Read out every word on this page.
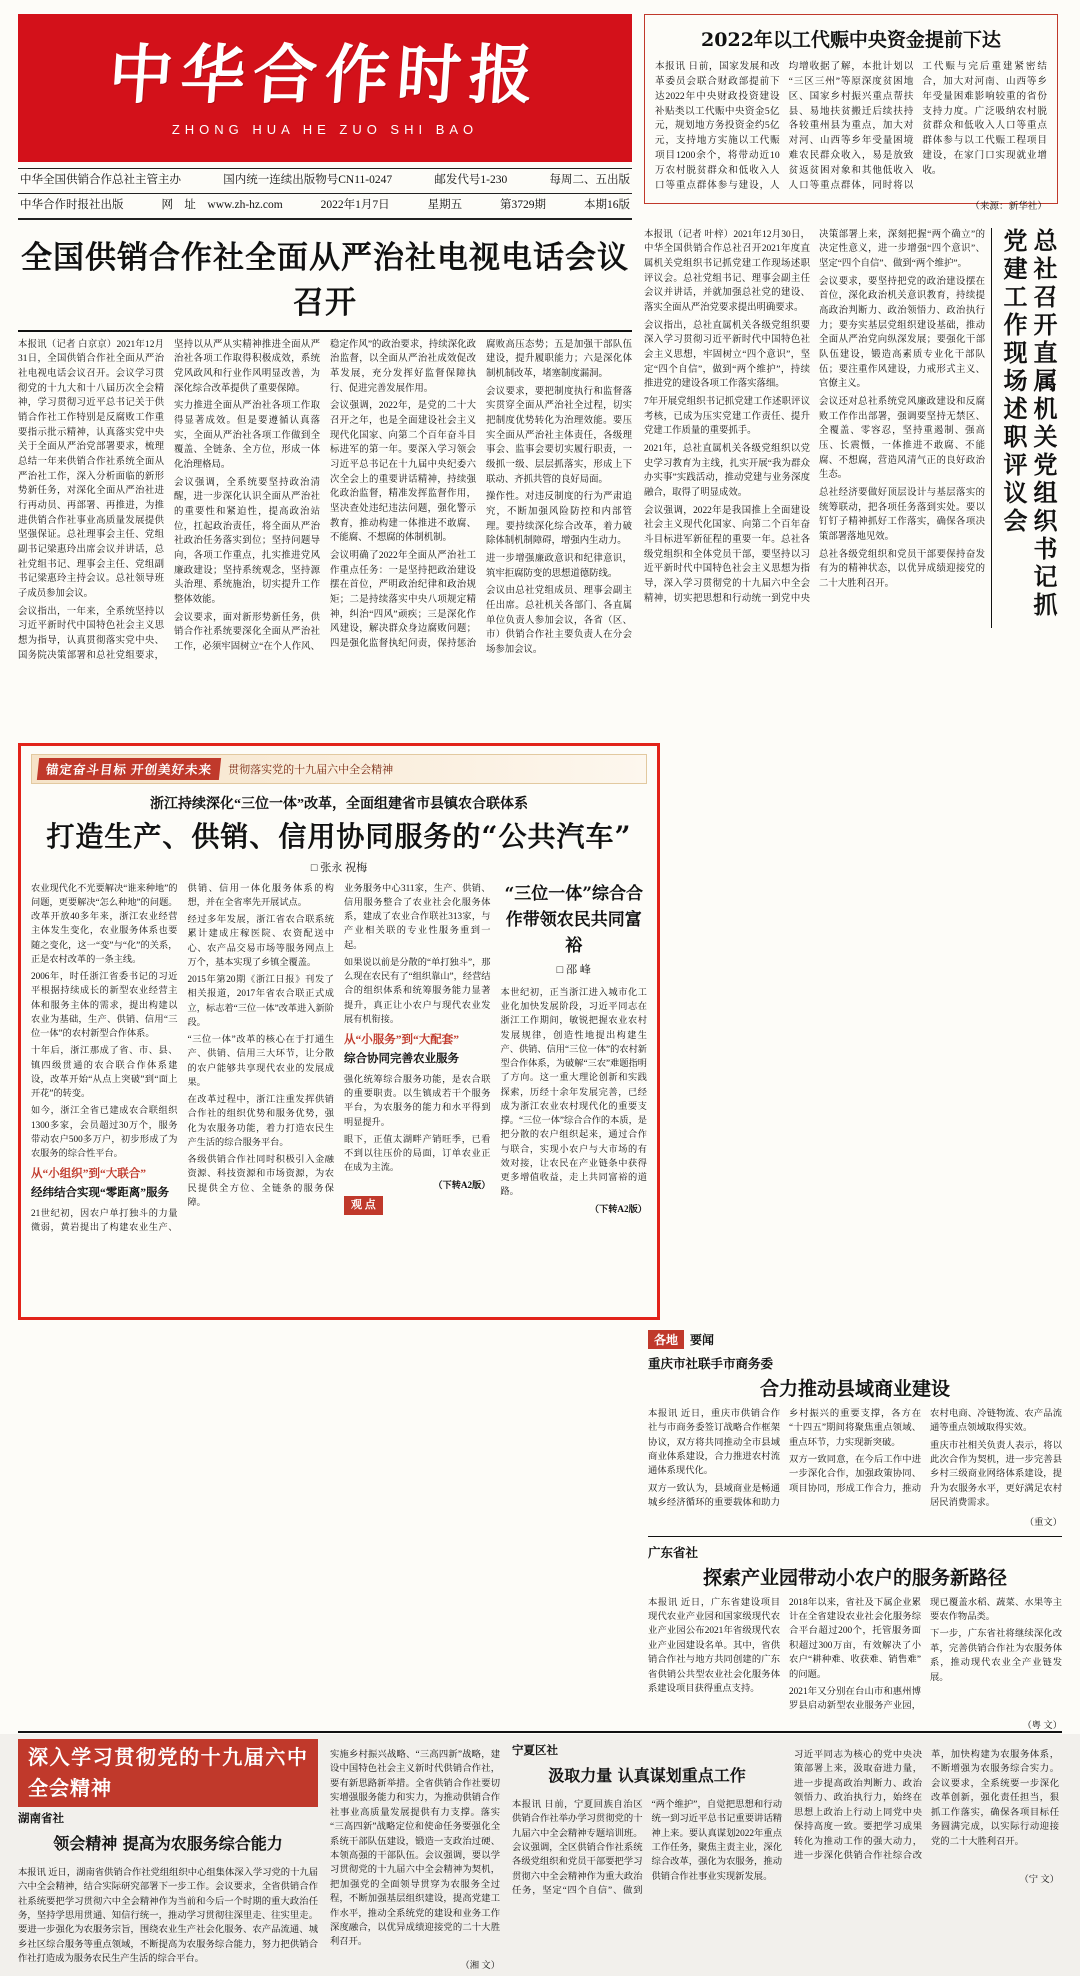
中华合作时报
ZHONG HUA HE ZUO SHI BAO
中华全国供销合作总社主管主办	国内统一连续出版物号CN11-0247	邮发代号1-230	每周二、五出版
中华合作时报社出版	网　址　www.zh-hz.com	2022年1月7日	星期五	第3729期	本期16版
2022年以工代赈中央资金提前下达
本报讯 日前，国家发展和改革委员会联合财政部提前下达2022年中央财政投资建设补贴类以工代赈中央资金5亿元，规划地方务投资金约5亿元，支持地方实施以工代赈项目1200余个，将带动近10万农村脱贫群众和低收入人口等重点群体参与建设，人均增收据了解，本批计划以“三区三州”等原深度贫困地区、国家乡村振兴重点帮扶县、易地扶贫搬迁后续扶持各较重州县为重点，加大对对河、山西等乡年受量困境难农民群众收入，易是放致贫返贫困对象和其他低收入人口等重点群体，同时将以工代赈与完后重建紧密结合，加大对河南、山西等乡年受量困难影响较重的省份支持力度。广泛吸纳农村脱贫群众和低收入人口等重点群体参与以工代赈工程项目建设，在家门口实现就业增收。
（来源：新华社）
全国供销合作社全面从严治社电视电话会议召开

本报讯（记者 白京京）2021年12月31日，全国供销合作社全面从严治社电视电话会议召开。会议学习贯彻党的十九大和十八届历次全会精神，学习贯彻习近平总书记关于供销合作社工作特别是反腐败工作重要指示批示精神，认真落实党中央关于全面从严治党部署要求，梳理总结一年来供销合作社系统全面从严治社工作，深入分析面临的新形势新任务，对深化全面从严治社进行再动员、再部署、再推进，为推进供销合作社事业高质量发展提供坚强保证。总社理事会主任、党组副书记梁惠玲出席会议并讲话，总社党组书记、理事会主任、党组副书记梁惠玲主持会议。总社领导班子成员参加会议。

会议指出，一年来，全系统坚持以习近平新时代中国特色社会主义思想为指导，认真贯彻落实党中央、国务院决策部署和总社党组要求，坚持以从严从实精神推进全面从严治社各项工作取得积极成效，系统党风政风和行业作风明显改善，为深化综合改革提供了重要保障。

实力推进全面从严治社各项工作取得显著成效。但是要遵循认真落实，全面从严治社各项工作做到全覆盖、全链条、全方位，形成一体化治理格局。

会议强调，全系统要坚持政治清醒，进一步深化认识全面从严治社的重要性和紧迫性，提高政治站位，扛起政治责任，将全面从严治社政治任务落实到位；坚持问题导向，各项工作重点，扎实推进党风廉政建设；坚持系统观念，坚持源头治理、系统施治，切实提升工作整体效能。

会议要求，面对新形势新任务，供销合作社系统要深化全面从严治社工作，必须牢固树立“在个人作风、稳定作风”的政治要求，持续深化政治监督，以全面从严治社成效促改革发展，充分发挥好监督保障执行、促进完善发展作用。

会议强调，2022年，是党的二十大召开之年，也是全面建设社会主义现代化国家、向第二个百年奋斗目标进军的第一年。要深入学习领会习近平总书记在十九届中央纪委六次全会上的重要讲话精神，持续强化政治监督，精准发挥监督作用，坚决查处违纪违法问题，强化警示教育，推动构建一体推进不敢腐、不能腐、不想腐的体制机制。

会议明确了2022年全面从严治社工作重点任务：一是坚持把政治建设摆在首位，严明政治纪律和政治规矩；二是持续落实中央八项规定精神，纠治“四风”顽疾；三是深化作风建设，解决群众身边腐败问题；四是强化监督执纪问责，保持惩治腐败高压态势；五是加强干部队伍建设，提升履职能力；六是深化体制机制改革，堵塞制度漏洞。

会议要求，要把制度执行和监督落实贯穿全面从严治社全过程，切实把制度优势转化为治理效能。要压实全面从严治社主体责任，各级理事会、监事会要切实履行职责，一级抓一级、层层抓落实，形成上下联动、齐抓共管的良好局面。

操作性。对违反制度的行为严肃追究，不断加强风险防控和内部管理。要持续深化综合改革，着力破除体制机制障碍，增强内生动力。

进一步增强廉政意识和纪律意识，筑牢拒腐防变的思想道德防线。

会议由总社党组成员、理事会副主任出席。总社机关各部门、各直属单位负责人参加会议，各省（区、市）供销合作社主要负责人在分会场参加会议。

总社召开直属机关党组织书记抓党建工作现场述职评议会

本报讯（记者 叶梓）2021年12月30日，中华全国供销合作总社召开2021年度直属机关党组织书记抓党建工作现场述职评议会。总社党组书记、理事会副主任会议并讲话，并就加强总社党的建设、落实全面从严治党要求提出明确要求。

会议指出，总社直属机关各级党组织要深入学习贯彻习近平新时代中国特色社会主义思想，牢固树立“四个意识”，坚定“四个自信”，做到“两个维护”，持续推进党的建设各项工作落实落细。

7年开展党组织书记抓党建工作述职评议考核，已成为压实党建工作责任、提升党建工作质量的重要抓手。

2021年，总社直属机关各级党组织以党史学习教育为主线，扎实开展“我为群众办实事”实践活动，推动党建与业务深度融合，取得了明显成效。

会议强调，2022年是我国推上全面建设社会主义现代化国家、向第二个百年奋斗目标进军新征程的重要一年。总社各级党组织和全体党员干部，要坚持以习近平新时代中国特色社会主义思想为指导，深入学习贯彻党的十九届六中全会精神，切实把思想和行动统一到党中央决策部署上来，深刻把握“两个确立”的决定性意义，进一步增强“四个意识”、坚定“四个自信”、做到“两个维护”。

会议要求，要坚持把党的政治建设摆在首位，深化政治机关意识教育，持续提高政治判断力、政治领悟力、政治执行力；要夯实基层党组织建设基础，推动全面从严治党向纵深发展；要强化干部队伍建设，锻造高素质专业化干部队伍；要注重作风建设，力戒形式主义、官僚主义。

会议还对总社系统党风廉政建设和反腐败工作作出部署，强调要坚持无禁区、全覆盖、零容忍，坚持重遏制、强高压、长震慑，一体推进不敢腐、不能腐、不想腐，营造风清气正的良好政治生态。

总社经济要做好顶层设计与基层落实的统筹联动，把各项任务落到实处。要以钉钉子精神抓好工作落实，确保各项决策部署落地见效。

总社各级党组织和党员干部要保持奋发有为的精神状态，以优异成绩迎接党的二十大胜利召开。

锚定奋斗目标 开创美好未来	贯彻落实党的十九届六中全会精神
浙江持续深化“三位一体”改革，全面组建省市县镇农合联体系
打造生产、供销、信用协同服务的“公共汽车”
□ 张永 祝梅

农业现代化不光要解决“谁来种地”的问题，更要解决“怎么种地”的问题。改革开放40多年来，浙江农业经营主体发生变化，农业服务体系也要随之变化，这一“变”与“化”的关系，正是农村改革的一条主线。

2006年，时任浙江省委书记的习近平根据持续成长的新型农业经营主体和服务主体的需求，提出构建以农业为基础，生产、供销、信用“三位一体”的农村新型合作体系。

十年后，浙江那成了省、市、县、镇四级贯通的农合联合作体系建设，改革开始“从点上突破”到“面上开花”的转变。

如今，浙江全省已建成农合联组织1300多家，会员超过30万个，服务带动农户500多万户，初步形成了为农服务的综合性平台。

从“小组织”到“大联合”
经纬结合实现“零距离”服务

21世纪初，因农户单打独斗的力量微弱，黄岩提出了构建农业生产、供销、信用一体化服务体系的构想，并在全省率先开展试点。

经过多年发展，浙江省农合联系统累计建成庄稼医院、农资配送中心、农产品交易市场等服务网点上万个，基本实现了乡镇全覆盖。

2015年第20期《浙江日报》刊发了相关报道，2017年省农合联正式成立，标志着“三位一体”改革进入新阶段。

“三位一体”改革的核心在于打通生产、供销、信用三大环节，让分散的农户能够共享现代农业的发展成果。

在改革过程中，浙江注重发挥供销合作社的组织优势和服务优势，强化为农服务功能，着力打造农民生产生活的综合服务平台。

各级供销合作社同时积极引入金融资源、科技资源和市场资源，为农民提供全方位、全链条的服务保障。

业务服务中心311家，生产、供销、信用服务整合了农业社会化服务体系，建成了农业合作联社313家，与产业相关联的专业性服务重到一起。

如果说以前是分散的“单打独斗”，那么现在农民有了“组织靠山”，经营结合的组织体系和统筹服务能力显著提升，真正让小农户与现代农业发展有机衔接。

从“小服务”到“大配套”
综合协同完善农业服务

强化统筹综合服务功能，是农合联的重要职责。以生镇成若干个服务平台，为农服务的能力和水平得到明显提升。

眼下，正值太湖畔产销旺季，已看不到以往压价的局面，订单农业正在成为主流。

（下转A2版）
观 点
“三位一体”综合合作带领农民共同富裕
□ 邵 峰

本世纪初，正当浙江进入城市化工业化加快发展阶段，习近平同志在浙江工作期间，敏锐把握农业农村发展规律，创造性地提出构建生产、供销、信用“三位一体”的农村新型合作体系，为破解“三农”难题指明了方向。这一重大理论创新和实践探索，历经十余年发展完善，已经成为浙江农业农村现代化的重要支撑。“三位一体”综合合作的本质，是把分散的农户组织起来，通过合作与联合，实现小农户与大市场的有效对接，让农民在产业链条中获得更多增值收益，走上共同富裕的道路。

（下转A2版）
各地	要闻
重庆市社联手市商务委
合力推动县域商业建设

本报讯 近日，重庆市供销合作社与市商务委签订战略合作框架协议，双方将共同推动全市县域商业体系建设，合力推进农村流通体系现代化。

双方一致认为，县域商业是畅通城乡经济循环的重要载体和助力乡村振兴的重要支撑，各方在“十四五”期间将聚焦重点领域、重点环节，力实现新突破。

双方一致同意，在今后工作中进一步深化合作，加强政策协同、项目协同，形成工作合力，推动农村电商、冷链物流、农产品流通等重点领域取得实效。

重庆市社相关负责人表示，将以此次合作为契机，进一步完善县乡村三级商业网络体系建设，提升为农服务水平，更好满足农村居民消费需求。

（重文）
广东省社
探索产业园带动小农户的服务新路径

本报讯 近日，广东省建设项目现代农业产业园和国家级现代农业产业园公布2021年省级现代农业产业园建设名单。其中，省供销合作社与地方共同创建的广东省供销公共型农业社会化服务体系建设项目获得重点支持。

2018年以来，省社及下属企业累计在全省建设农业社会化服务综合平台超过200个，托管服务面积超过300万亩，有效解决了小农户“耕种难、收获难、销售难”的问题。

2021年又分别在台山市和惠州博罗县启动新型农业服务产业园，现已覆盖水稻、蔬菜、水果等主要农作物品类。

下一步，广东省社将继续深化改革，完善供销合作社为农服务体系，推动现代农业全产业链发展。

（粤 文）
深入学习贯彻党的十九届六中全会精神
湖南省社
领会精神 提高为农服务综合能力

本报讯 近日，湖南省供销合作社党组组织中心组集体深入学习党的十九届六中全会精神，结合实际研究部署下一步工作。会议要求，全省供销合作社系统要把学习贯彻六中全会精神作为当前和今后一个时期的重大政治任务，坚持学思用贯通、知信行统一，推动学习贯彻往深里走、往实里走。要进一步强化为农服务宗旨，围绕农业生产社会化服务、农产品流通、城乡社区综合服务等重点领域，不断提高为农服务综合能力，努力把供销合作社打造成为服务农民生产生活的综合平台。

实施乡村振兴战略、“三高四新”战略，建设中国特色社会主义新时代供销合作社，要有新思路新举措。全省供销合作社要切实增强服务能力和实力，为推动供销合作社事业高质量发展提供有力支撑。落实“三高四新”战略定位和使命任务要强化全系统干部队伍建设，锻造一支政治过硬、本领高强的干部队伍。会议强调，要以学习贯彻党的十九届六中全会精神为契机，把加强党的全面领导贯穿为农服务全过程，不断加强基层组织建设，提高党建工作水平，推动全系统党的建设和业务工作深度融合，以优异成绩迎接党的二十大胜利召开。

（湘 文）
宁夏区社
汲取力量 认真谋划重点工作

本报讯 日前，宁夏回族自治区供销合作社举办学习贯彻党的十九届六中全会精神专题培训班。会议强调，全区供销合作社系统各级党组织和党员干部要把学习贯彻六中全会精神作为重大政治任务，坚定“四个自信”、做到“两个维护”，自觉把思想和行动统一到习近平总书记重要讲话精神上来。要认真谋划2022年重点工作任务，聚焦主责主业，深化综合改革，强化为农服务，推动供销合作社事业实现新发展。

习近平同志为核心的党中央决策部署上来，汲取奋进力量，进一步提高政治判断力、政治领悟力、政治执行力，始终在思想上政治上行动上同党中央保持高度一致。要把学习成果转化为推动工作的强大动力，进一步深化供销合作社综合改革，加快构建为农服务体系，不断增强为农服务综合实力。会议要求，全系统要一步深化改革创新，强化责任担当，狠抓工作落实，确保各项目标任务圆满完成，以实际行动迎接党的二十大胜利召开。

（宁 文）
